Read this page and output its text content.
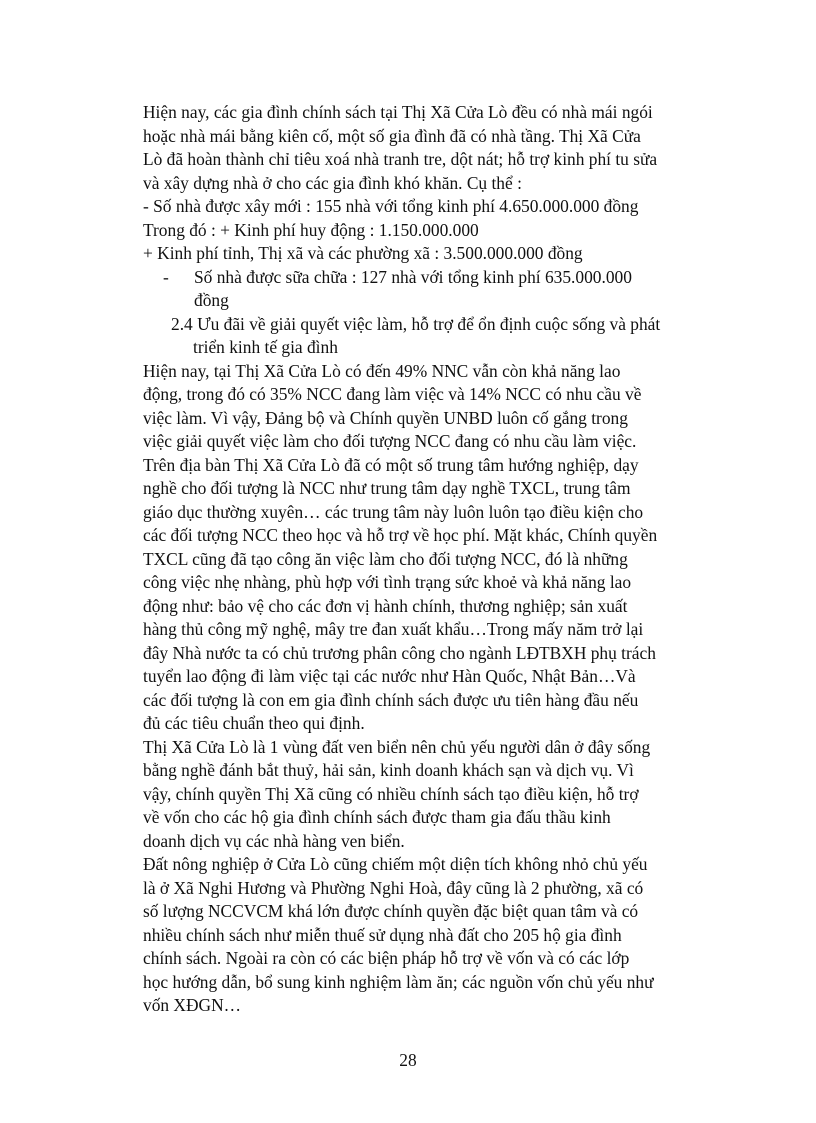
Hiện nay, các gia đình chính sách tại Thị Xã Cửa Lò đều có nhà mái ngói
hoặc nhà mái bằng kiên cố, một số gia đình đã có nhà tầng. Thị Xã Cửa
Lò đã hoàn thành chỉ tiêu xoá nhà tranh tre, dột nát; hỗ trợ kinh phí tu sửa
và xây dựng nhà ở cho các gia đình khó khăn. Cụ thể :
- Số nhà được xây mới : 155 nhà với tổng kinh phí 4.650.000.000 đồng
Trong đó : + Kinh phí huy động : 1.150.000.000
+ Kinh phí tỉnh, Thị xã và các phường xã : 3.500.000.000 đồng
- Số nhà được sữa chữa : 127 nhà với tổng kinh phí 635.000.000
đồng
2.4 Ưu đãi về giải quyết việc làm, hỗ trợ để ổn định cuộc sống và phát
triển kinh tế gia đình
Hiện nay, tại Thị Xã Cửa Lò có đến 49% NNC vẫn còn khả năng lao
động, trong đó có 35% NCC đang làm việc và 14% NCC có nhu cầu về
việc làm. Vì vậy, Đảng bộ và Chính quyền UNBD luôn cố gắng trong
việc giải quyết việc làm cho đối tượng NCC đang có nhu cầu làm việc.
Trên địa bàn Thị Xã Cửa Lò đã có một số trung tâm hướng nghiệp, dạy
nghề cho đối tượng là NCC như trung tâm dạy nghề TXCL, trung tâm
giáo dục thường xuyên… các trung tâm này luôn luôn tạo điều kiện cho
các đối tượng NCC theo học và hỗ trợ về học phí. Mặt khác, Chính quyền
TXCL cũng đã tạo công ăn việc làm cho đối tượng NCC, đó là những
công việc nhẹ nhàng, phù hợp với tình trạng sức khoẻ và khả năng lao
động như: bảo vệ cho các đơn vị hành chính, thương nghiệp; sản xuất
hàng thủ công mỹ nghệ, mây tre đan xuất khẩu…Trong mấy năm trở lại
đây Nhà nước ta có chủ trương phân công cho ngành LĐTBXH phụ trách
tuyển lao động đi làm việc tại các nước như Hàn Quốc, Nhật Bản…Và
các đối tượng là con em gia đình chính sách được ưu tiên hàng đầu nếu
đủ các tiêu chuẩn theo qui định.
Thị Xã Cửa Lò là 1 vùng đất ven biển nên chủ yếu người dân ở đây sống
bằng nghề đánh bắt thuỷ, hải sản, kinh doanh khách sạn và dịch vụ. Vì
vậy, chính quyền Thị Xã cũng có nhiều chính sách tạo điều kiện, hỗ trợ
về vốn cho các hộ gia đình chính sách được tham gia đấu thầu kinh
doanh dịch vụ các nhà hàng ven biển.
Đất nông nghiệp ở Cửa Lò cũng chiếm một diện tích không nhỏ chủ yếu
là ở Xã Nghi Hương và Phường Nghi Hoà, đây cũng là 2 phường, xã có
số lượng NCCVCM khá lớn được chính quyền đặc biệt quan tâm và có
nhiều chính sách như miễn thuế sử dụng nhà đất cho 205 hộ gia đình
chính sách. Ngoài ra còn có các biện pháp hỗ trợ về vốn và có các lớp
học hướng dẫn, bổ sung kinh nghiệm làm ăn; các nguồn vốn chủ yếu như
vốn XĐGN…
28
